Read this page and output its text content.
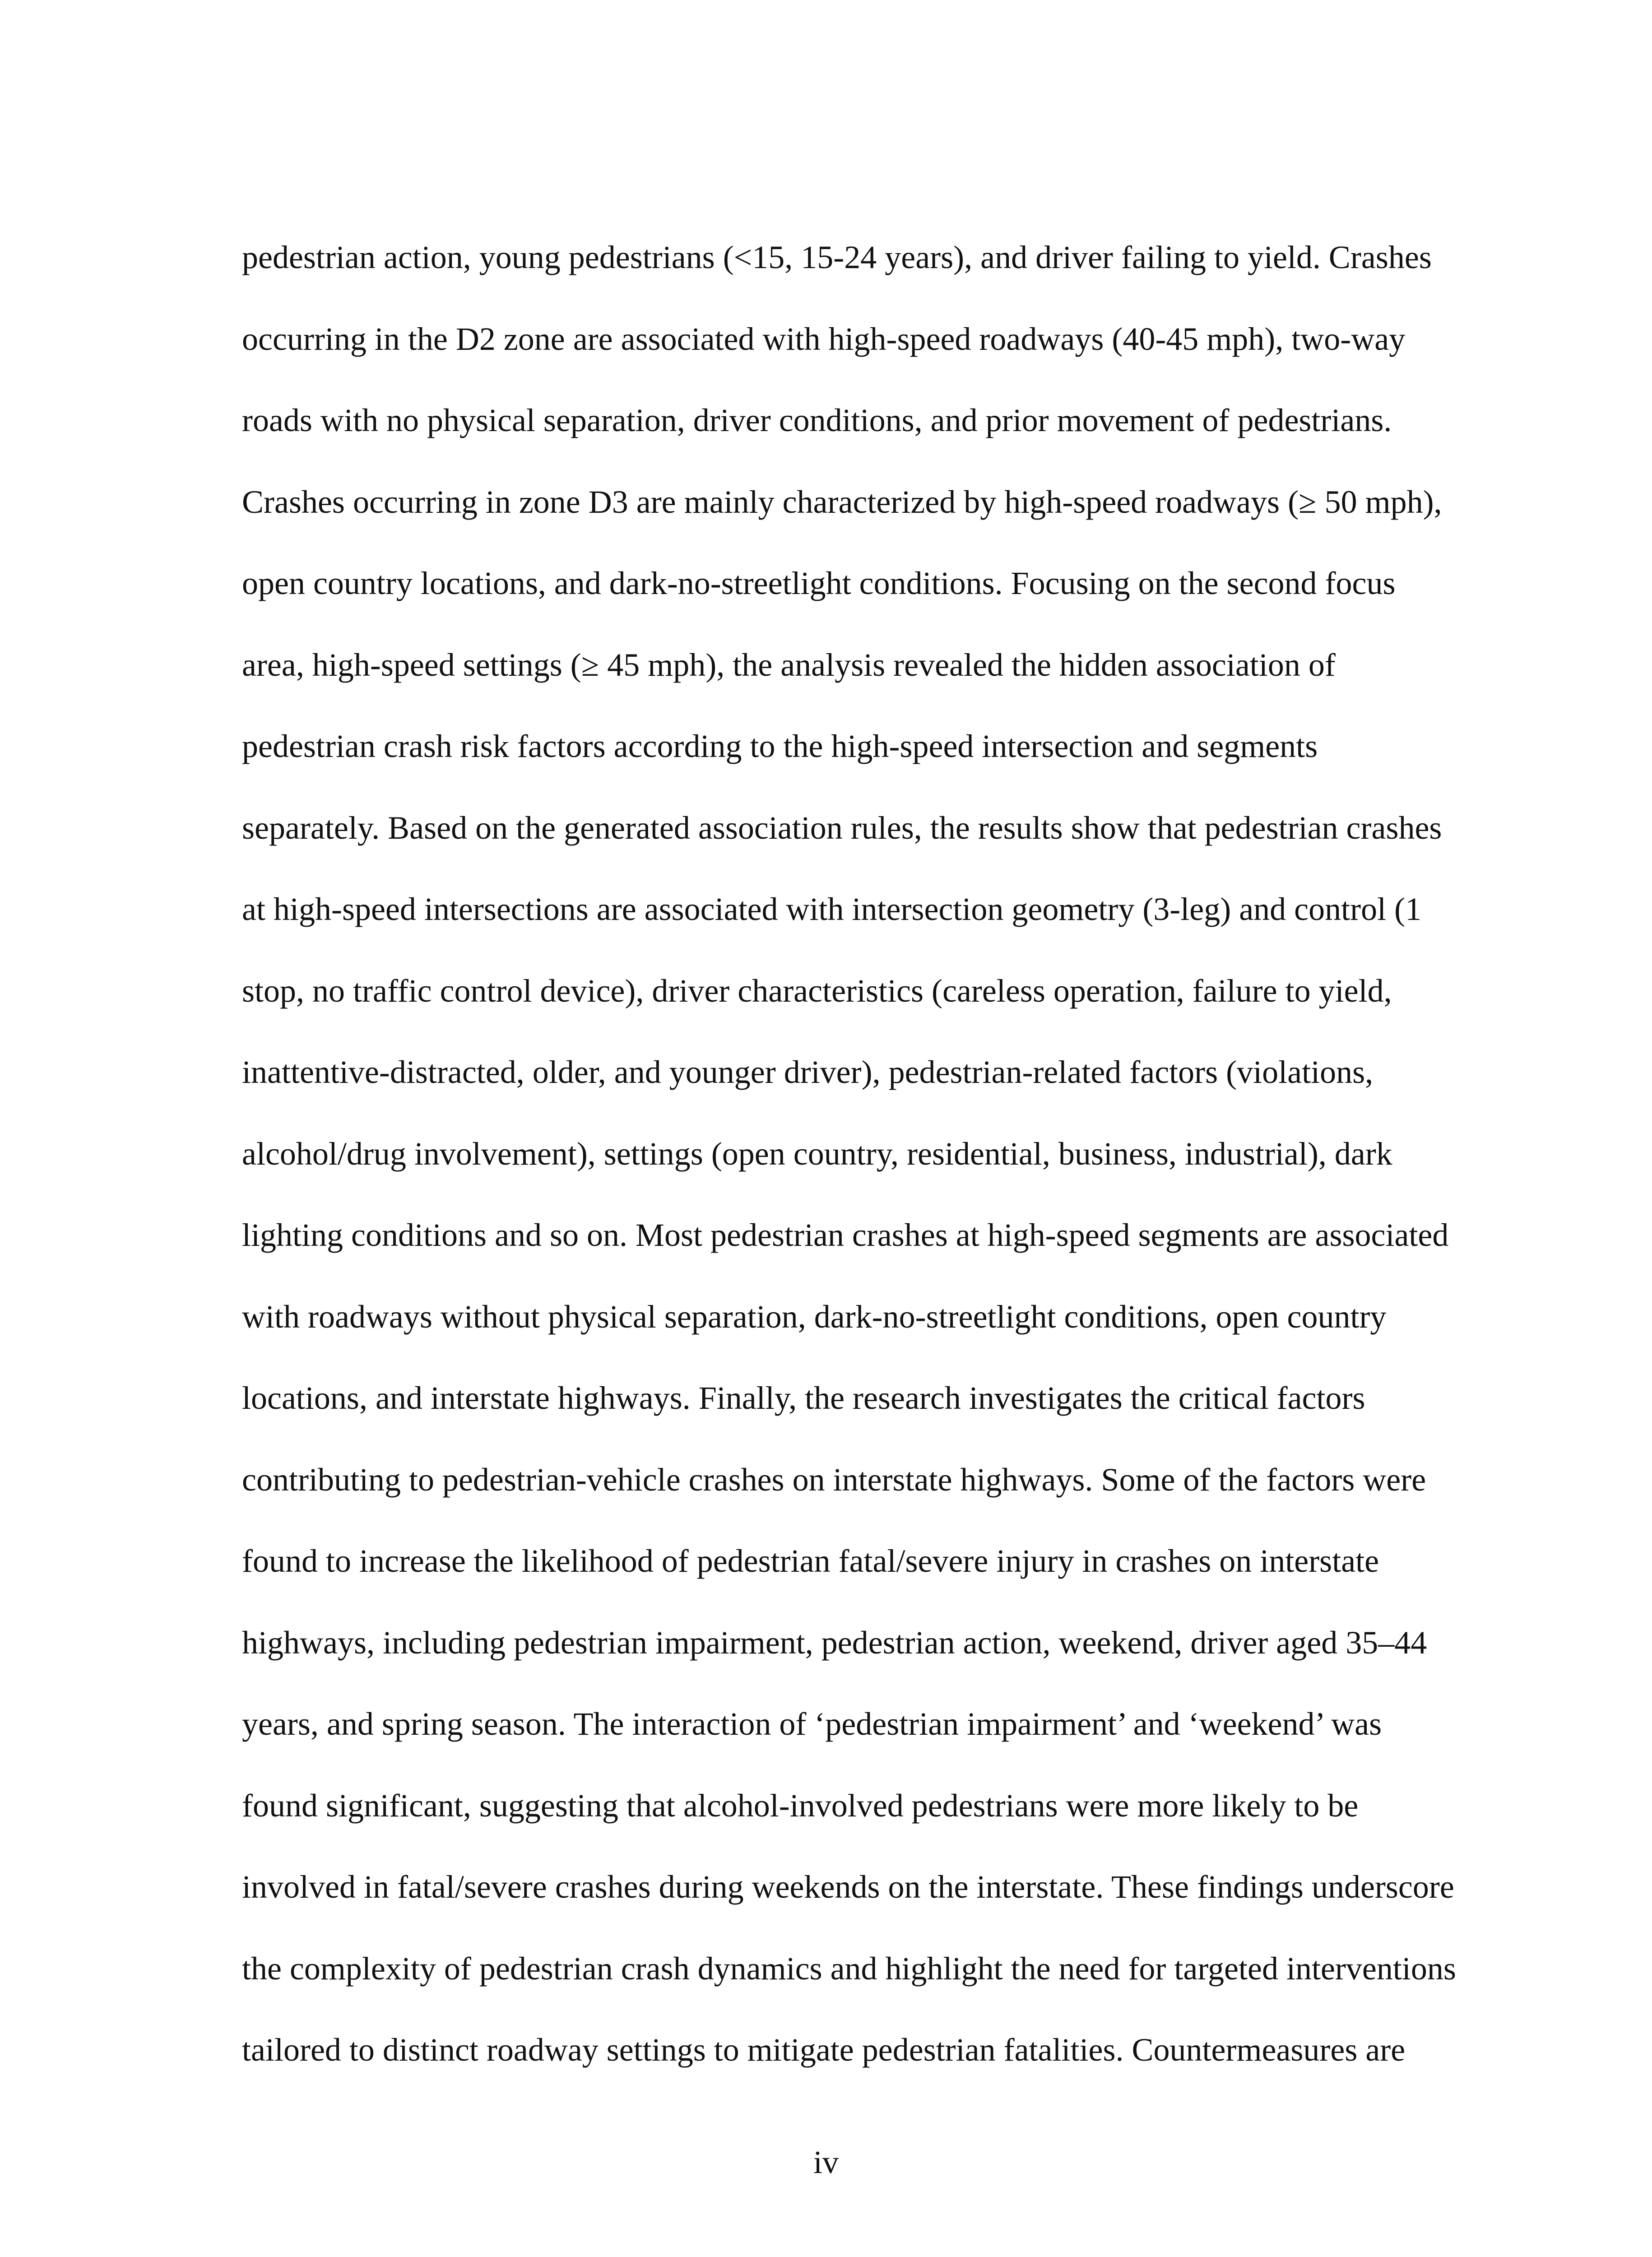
pedestrian action, young pedestrians (<15, 15-24 years), and driver failing to yield. Crashes
occurring in the D2 zone are associated with high-speed roadways (40-45 mph), two-way
roads with no physical separation, driver conditions, and prior movement of pedestrians.
Crashes occurring in zone D3 are mainly characterized by high-speed roadways (≥ 50 mph),
open country locations, and dark-no-streetlight conditions. Focusing on the second focus
area, high-speed settings (≥ 45 mph), the analysis revealed the hidden association of
pedestrian crash risk factors according to the high-speed intersection and segments
separately. Based on the generated association rules, the results show that pedestrian crashes
at high-speed intersections are associated with intersection geometry (3-leg) and control (1
stop, no traffic control device), driver characteristics (careless operation, failure to yield,
inattentive-distracted, older, and younger driver), pedestrian-related factors (violations,
alcohol/drug involvement), settings (open country, residential, business, industrial), dark
lighting conditions and so on. Most pedestrian crashes at high-speed segments are associated
with roadways without physical separation, dark-no-streetlight conditions, open country
locations, and interstate highways. Finally, the research investigates the critical factors
contributing to pedestrian-vehicle crashes on interstate highways. Some of the factors were
found to increase the likelihood of pedestrian fatal/severe injury in crashes on interstate
highways, including pedestrian impairment, pedestrian action, weekend, driver aged 35–44
years, and spring season. The interaction of ‘pedestrian impairment’ and ‘weekend’ was
found significant, suggesting that alcohol-involved pedestrians were more likely to be
involved in fatal/severe crashes during weekends on the interstate. These findings underscore
the complexity of pedestrian crash dynamics and highlight the need for targeted interventions
tailored to distinct roadway settings to mitigate pedestrian fatalities. Countermeasures are
iv
